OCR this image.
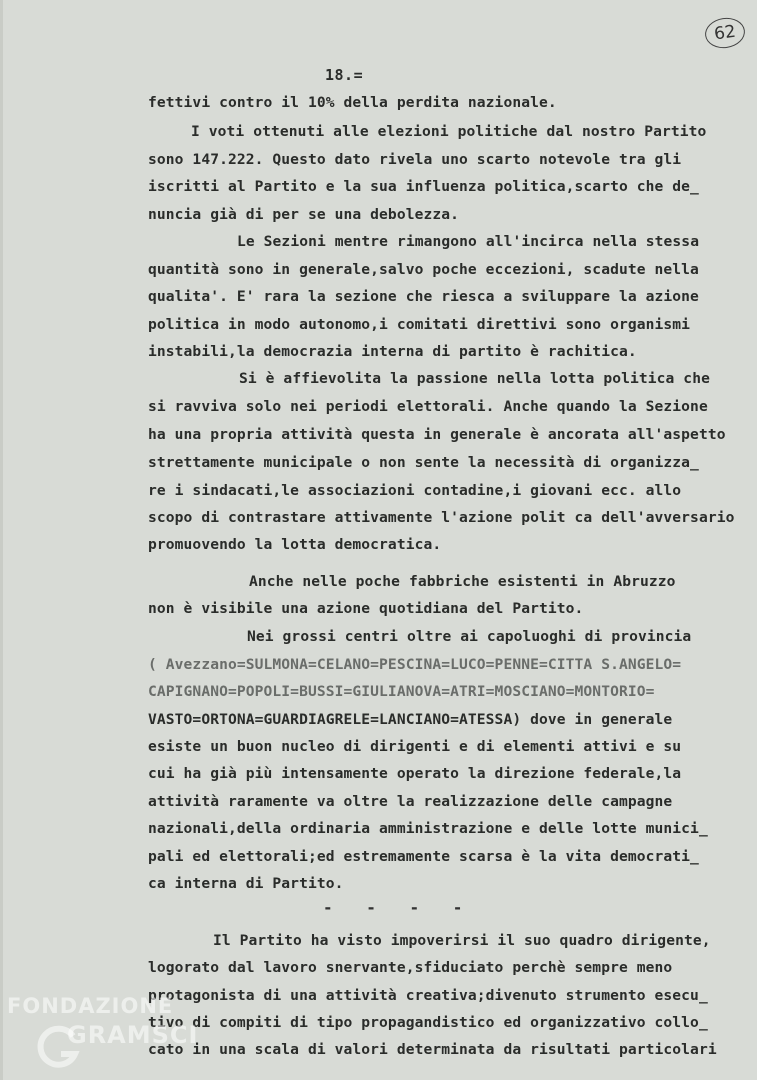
62
18.=
fettivi contro il 10% della perdita nazionale.
I voti ottenuti alle elezioni politiche dal nostro Partito
sono 147.222. Questo dato rivela uno scarto notevole tra gli
iscritti al Partito e la sua influenza politica,scarto che de_
nuncia già di per se una debolezza.
Le Sezioni mentre rimangono all'incirca nella stessa
quantità sono in generale,salvo poche eccezioni, scadute nella
qualita'. E' rara la sezione che riesca a sviluppare la azione
politica in modo autonomo,i comitati direttivi sono organismi
instabili,la democrazia interna di partito è rachitica.
Si è affievolita la passione nella lotta politica che
si ravviva solo nei periodi elettorali. Anche quando la Sezione
ha una propria attività questa in generale è ancorata all'aspetto
strettamente municipale o non sente la necessità di organizza_
re i sindacati,le associazioni contadine,i giovani ecc. allo
scopo di contrastare attivamente l'azione polit ca dell'avversario
promuovendo la lotta democratica.
Anche nelle poche fabbriche esistenti in Abruzzo
non è visibile una azione quotidiana del Partito.
Nei grossi centri oltre ai capoluoghi di provincia
( Avezzano=SULMONA=CELANO=PESCINA=LUCO=PENNE=CITTA S.ANGELO=
CAPIGNANO=POPOLI=BUSSI=GIULIANOVA=ATRI=MOSCIANO=MONTORIO=
VASTO=ORTONA=GUARDIAGRELE=LANCIANO=ATESSA) dove in generale
esiste un buon nucleo di dirigenti e di elementi attivi e su
cui ha già più intensamente operato la direzione federale,la
attività raramente va oltre la realizzazione delle campagne
nazionali,della ordinaria amministrazione e delle lotte munici_
pali ed elettorali;ed estremamente scarsa è la vita democrati_
ca interna di Partito.
- - - -
Il Partito ha visto impoverirsi il suo quadro dirigente,
logorato dal lavoro snervante,sfiduciato perchè sempre meno
protagonista di una attività creativa;divenuto strumento esecu_
tivo di compiti di tipo propagandistico ed organizzativo collo_
cato in una scala di valori determinata da risultati particolari
FONDAZIONE
GRAMSCI
